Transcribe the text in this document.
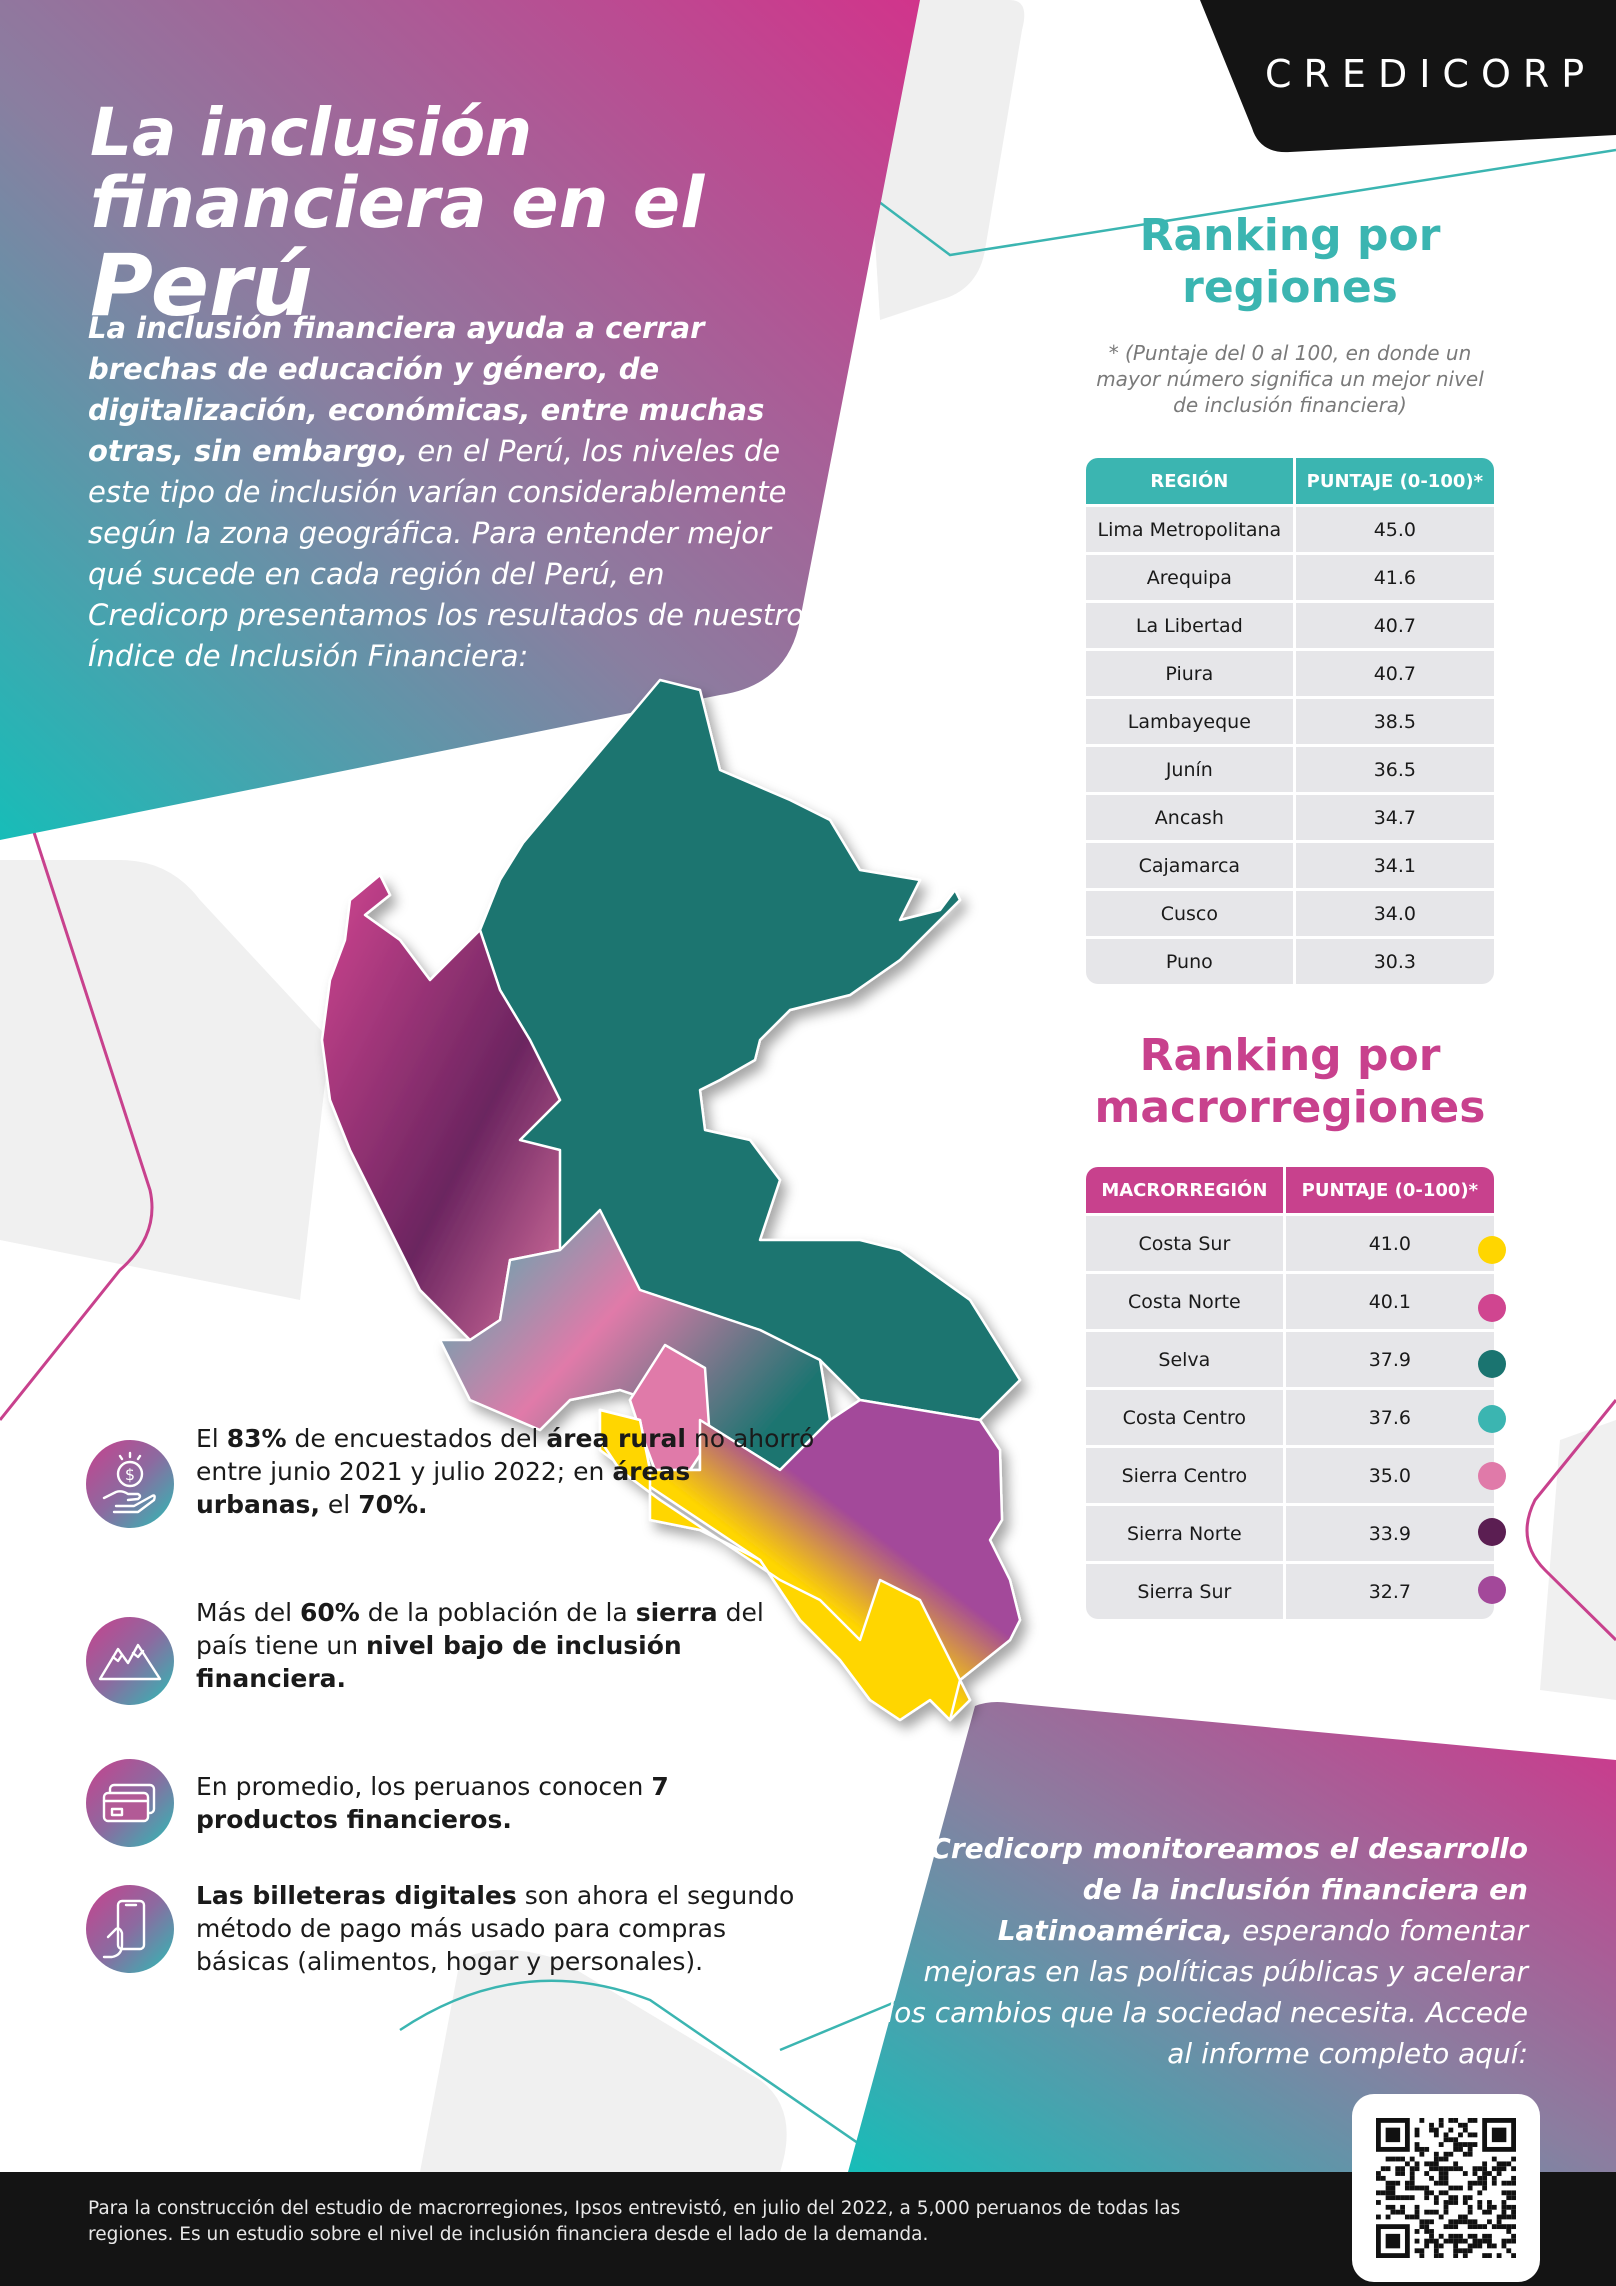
CREDICORP
La inclusión
financiera en el Perú
La inclusión financiera ayuda a cerrar brechas de educación y género, de digitalización, económicas, entre muchas otras, sin embargo, en el Perú, los niveles de este tipo de inclusión varían considerablemente según la zona geográfica. Para entender mejor qué sucede en cada región del Perú, en Credicorp presentamos los resultados de nuestro Índice de Inclusión Financiera:
Ranking por regiones
* (Puntaje del 0 al 100, en donde un mayor número significa un mejor nivel de inclusión financiera)
REGIÓN	PUNTAJE (0-100)*
Lima Metropolitana	45.0
Arequipa	41.6
La Libertad	40.7
Piura	40.7
Lambayeque	38.5
Junín	36.5
Ancash	34.7
Cajamarca	34.1
Cusco	34.0
Puno	30.3
Ranking por macrorregiones
MACRORREGIÓN	PUNTAJE (0-100)*
Costa Sur	41.0
Costa Norte	40.1
Selva	37.9
Costa Centro	37.6
Sierra Centro	35.0
Sierra Norte	33.9
Sierra Sur	32.7
$
El 83% de encuestados del área rural no ahorró entre junio 2021 y julio 2022; en áreas urbanas, el 70%.
Más del 60% de la población de la sierra del país tiene un nivel bajo de inclusión financiera.
En promedio, los peruanos conocen 7 productos financieros.
Las billeteras digitales son ahora el segundo método de pago más usado para compras básicas (alimentos, hogar y personales).
En Credicorp monitoreamos el desarrollo de la inclusión financiera en Latinoamérica, esperando fomentar mejoras en las políticas públicas y acelerar los cambios que la sociedad necesita. Accede al informe completo aquí:
Para la construcción del estudio de macrorregiones, Ipsos entrevistó, en julio del 2022, a 5,000 peruanos de todas las regiones. Es un estudio sobre el nivel de inclusión financiera desde el lado de la demanda.
